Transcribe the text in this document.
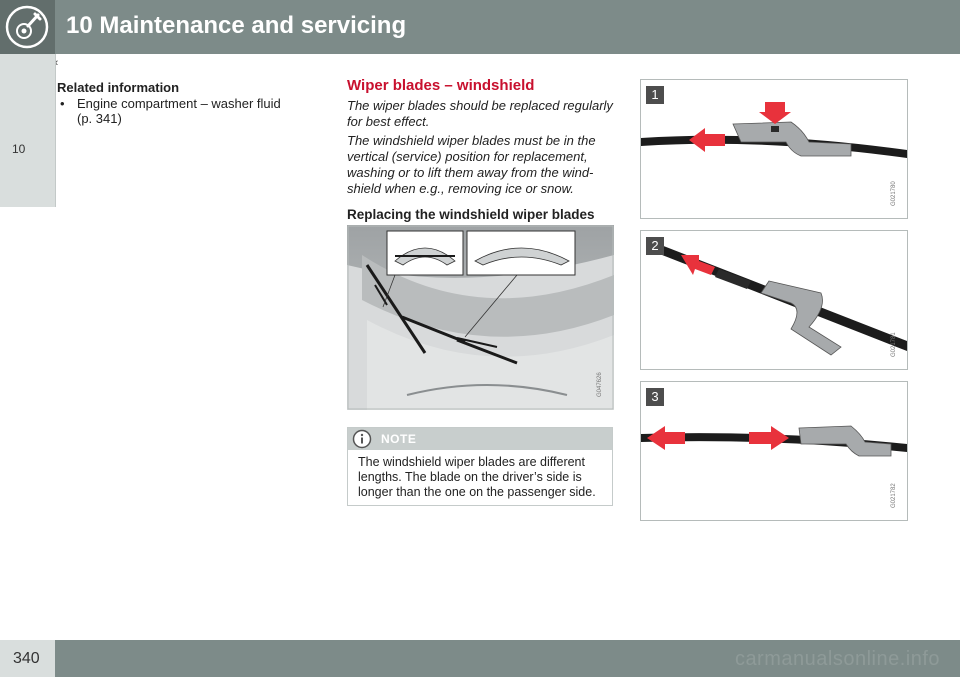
10 Maintenance and servicing
10
Related information
• Engine compartment – washer fluid (p. 341)
Wiper blades – windshield

The wiper blades should be replaced regularly for best effect.

The windshield wiper blades must be in the vertical (service) position for replacement, washing or to lift them away from the wind-shield when e.g., removing ice or snow.

Replacing the windshield wiper blades
G047626
NOTE
The windshield wiper blades are different lengths. The blade on the driver’s side is longer than the one on the passenger side.
1
G021780
2
G021781
3
G021782
340	carmanualsonline.info
